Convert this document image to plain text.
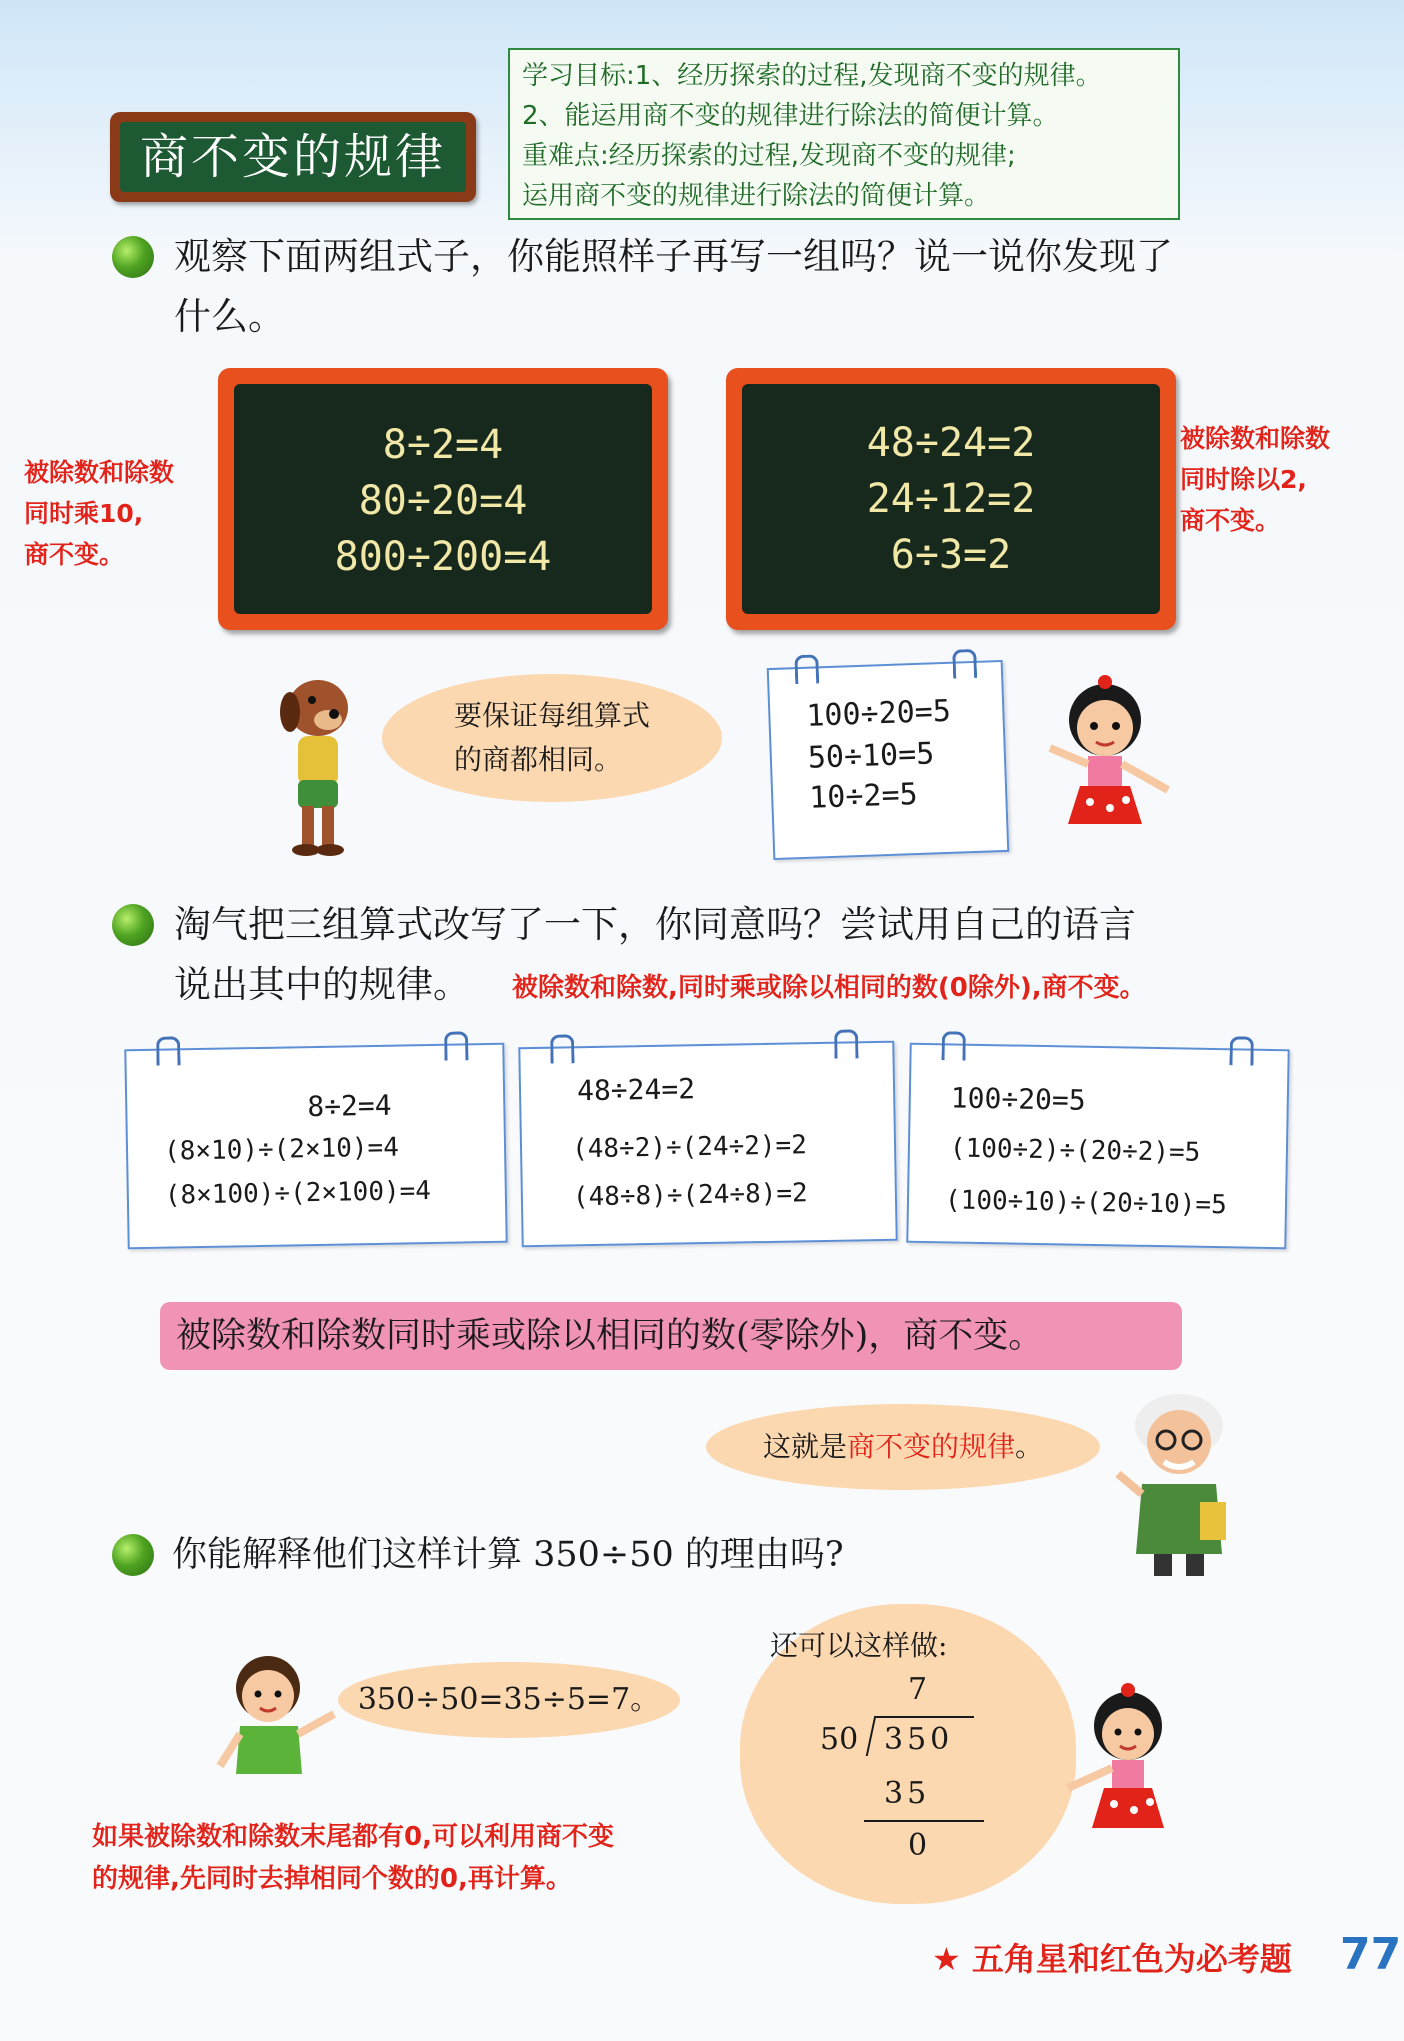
商不变的规律
学习目标:1、经历探索的过程,发现商不变的规律。
2、能运用商不变的规律进行除法的简便计算。
重难点:经历探索的过程,发现商不变的规律;
运用商不变的规律进行除法的简便计算。
观察下面两组式子，你能照样子再写一组吗？说一说你发现了
什么。
被除数和除数
同时乘10,
商不变。
8÷2=4
80÷20=4
800÷200=4
48÷24=2
24÷12=2
6÷3=2
被除数和除数
同时除以2,
商不变。
要保证每组算式
的商都相同。
100÷20=5
50÷10=5
10÷2=5
淘气把三组算式改写了一下，你同意吗？尝试用自己的语言
说出其中的规律。 被除数和除数,同时乘或除以相同的数(0除外),商不变。
8÷2=4
(8×10)÷(2×10)=4
(8×100)÷(2×100)=4
48÷24=2
(48÷2)÷(24÷2)=2
(48÷8)÷(24÷8)=2
100÷20=5
(100÷2)÷(20÷2)=5
(100÷10)÷(20÷10)=5
被除数和除数同时乘或除以相同的数(零除外)，商不变。
这就是商不变的规律。
你能解释他们这样计算 350÷50 的理由吗?
350÷50=35÷5=7。
还可以这样做:
7
50 350
35
0
如果被除数和除数末尾都有0,可以利用商不变
的规律,先同时去掉相同个数的0,再计算。
★ 五角星和红色为必考题	77
